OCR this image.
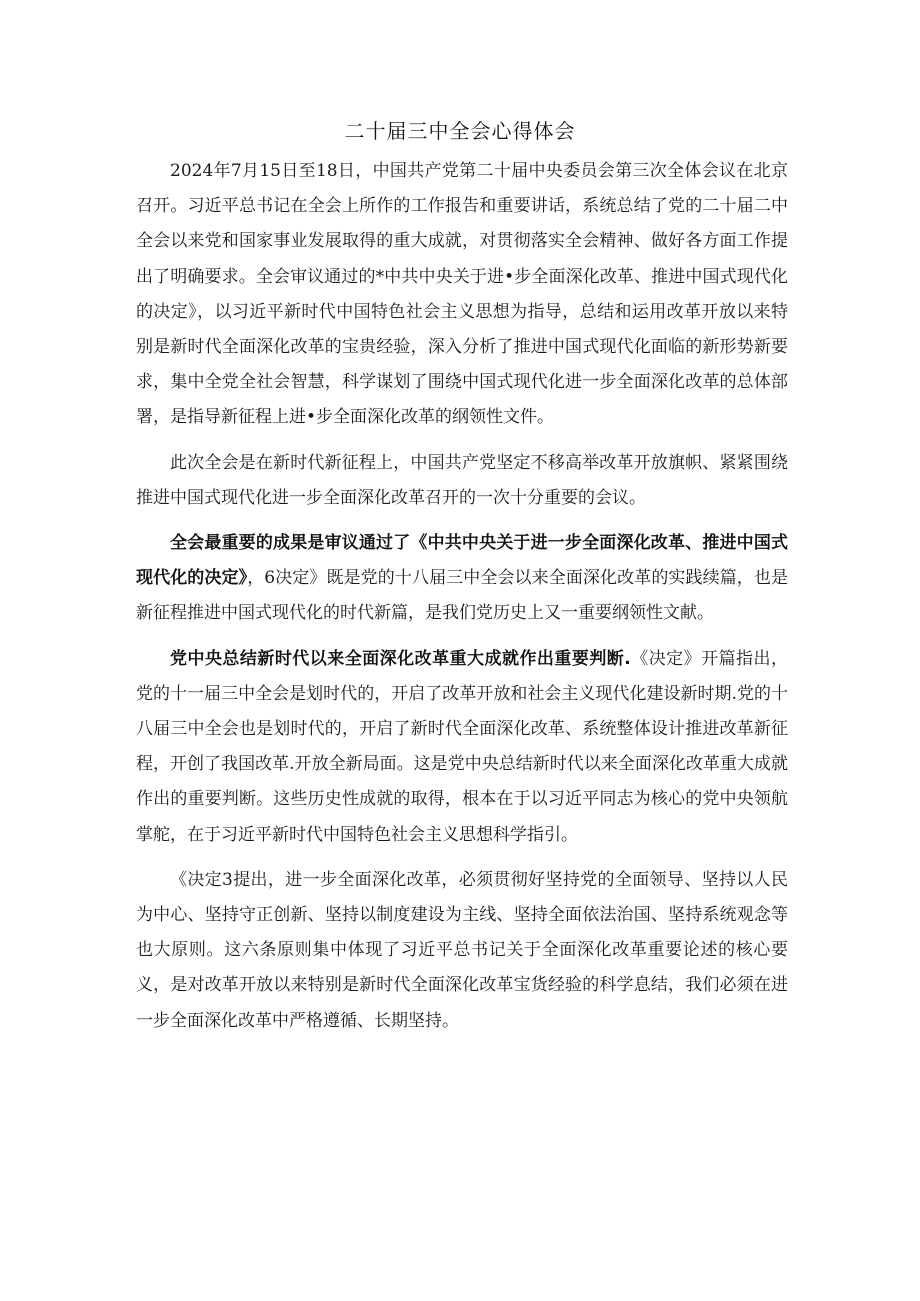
二十届三中全会心得体会

2024年7月15日至18日，中国共产党第二十届中央委员会第三次全体会议在北京召开。习近平总书记在全会上所作的工作报告和重要讲话，系统总结了党的二十届二中全会以来党和国家事业发展取得的重大成就，对贯彻落实全会精神、做好各方面工作提出了明确要求。全会审议通过的*中共中央关于进•步全面深化改革、推进中国式现代化的决定》，以习近平新时代中国特色社会主义思想为指导，总结和运用改革开放以来特别是新时代全面深化改革的宝贵经验，深入分析了推进中国式现代化面临的新形势新要求，集中全党全社会智慧，科学谋划了围绕中国式现代化进一步全面深化改革的总体部署，是指导新征程上进•步全面深化改革的纲领性文件。

此次全会是在新时代新征程上，中国共产党坚定不移高举改革开放旗帜、紧紧围绕推进中国式现代化进一步全面深化改革召开的一次十分重要的会议。

全会最重要的成果是审议通过了《中共中央关于进一步全面深化改革、推进中国式现代化的决定》，6决定》既是党的十八届三中全会以来全面深化改革的实践续篇，也是新征程推进中国式现代化的时代新篇，是我们党历史上又一重要纲领性文献。

党中央总结新时代以来全面深化改革重大成就作出重要判断.《决定》开篇指出，党的十一届三中全会是划时代的，开启了改革开放和社会主义现代化建设新时期.党的十八届三中全会也是划时代的，开启了新时代全面深化改革、系统整体设计推进改革新征程，开创了我国改革.开放全新局面。这是党中央总结新时代以来全面深化改革重大成就作出的重要判断。这些历史性成就的取得，根本在于以习近平同志为核心的党中央领航掌舵，在于习近平新时代中国特色社会主义思想科学指引。

《决定3提出，进一步全面深化改革，必须贯彻好坚持党的全面领导、坚持以人民为中心、坚持守正创新、坚持以制度建设为主线、坚持全面依法治国、坚持系统观念等也大原则。这六条原则集中体现了习近平总书记关于全面深化改革重要论述的核心要义，是对改革开放以来特别是新时代全面深化改革宝货经验的科学息结，我们必须在进一步全面深化改革中严格遵循、长期坚持。
